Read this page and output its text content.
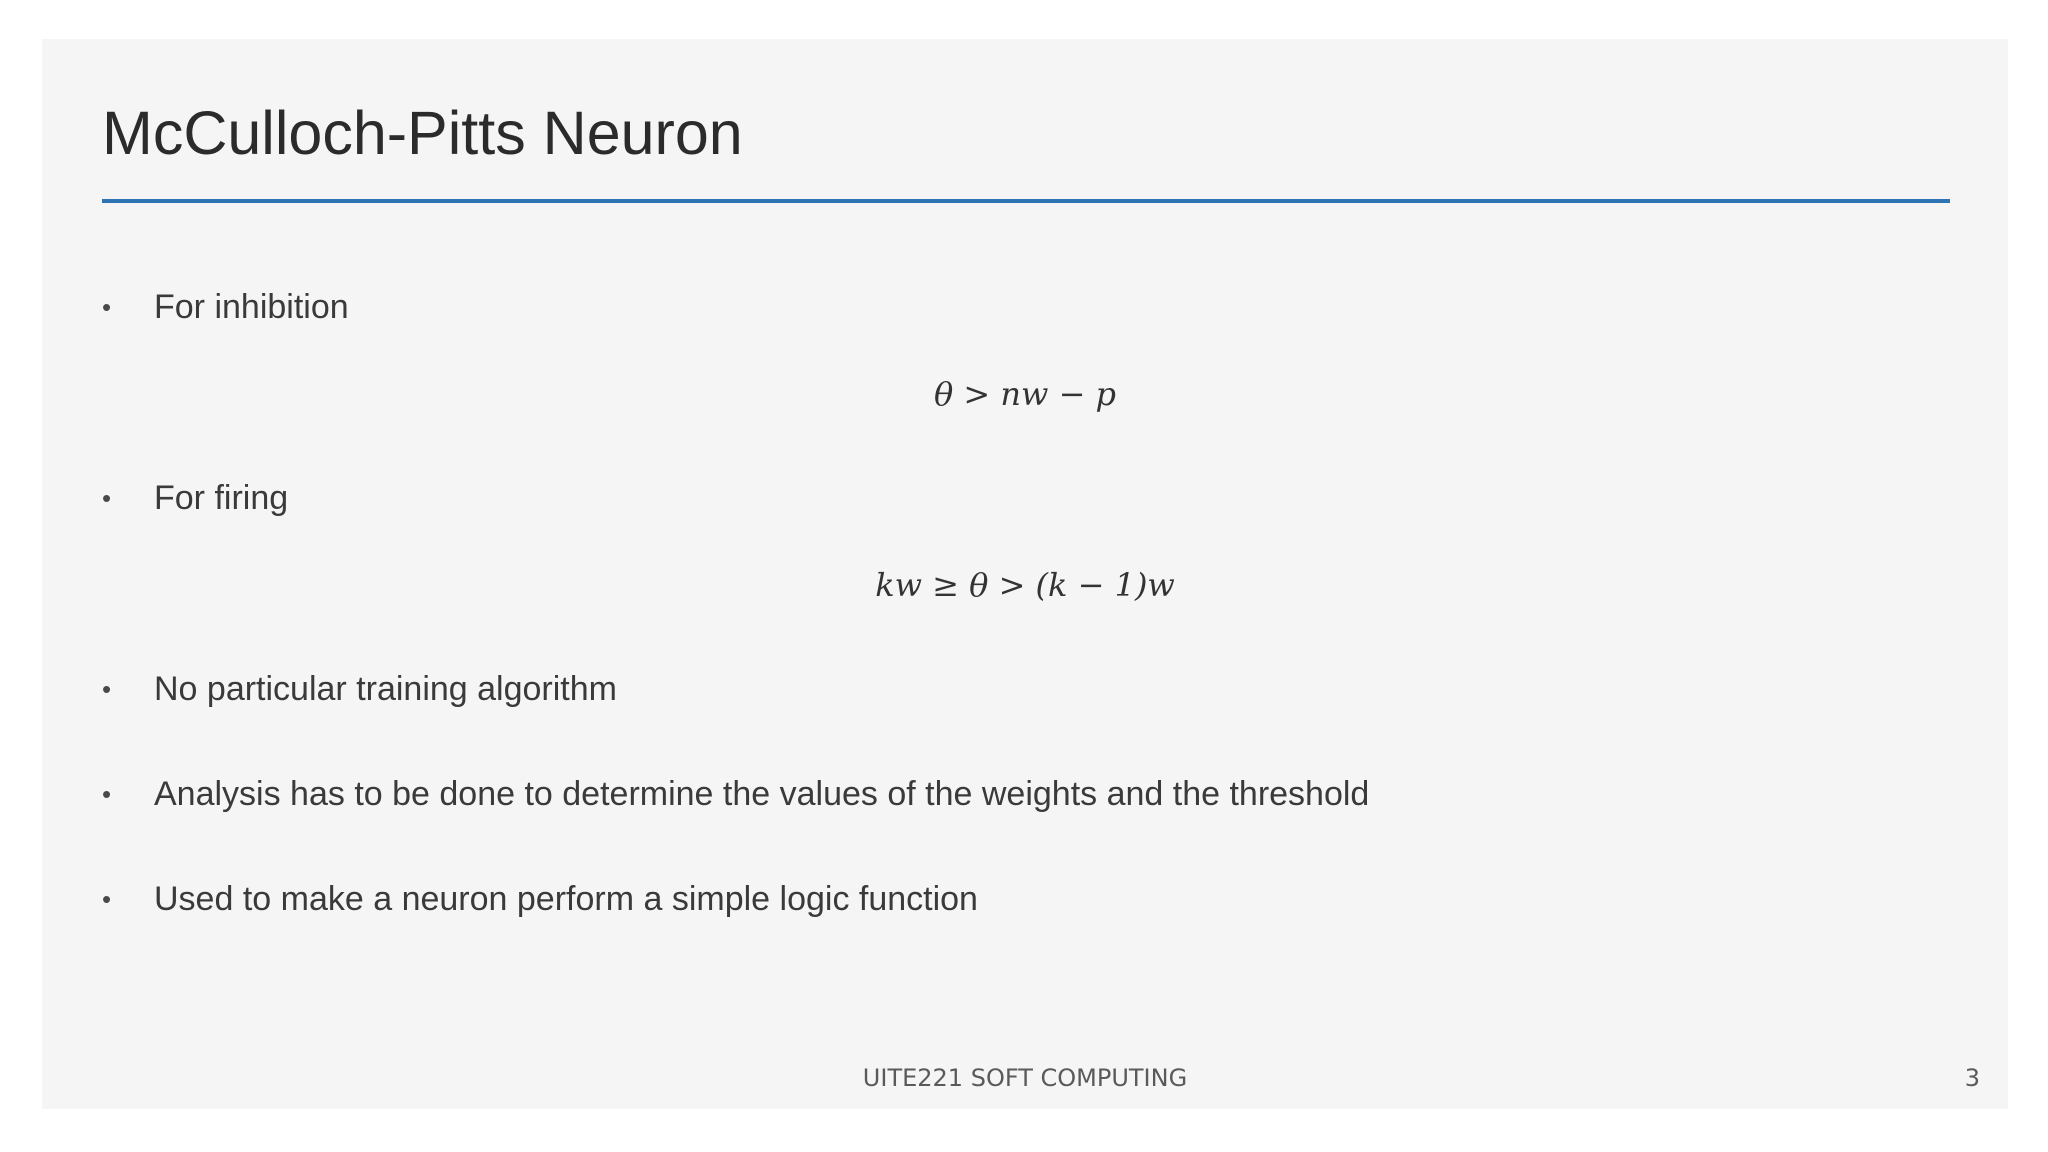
McCulloch-Pitts Neuron
• For inhibition
θ > nw − p
• For firing
kw ≥ θ > (k − 1)w
• No particular training algorithm
• Analysis has to be done to determine the values of the weights and the threshold
• Used to make a neuron perform a simple logic function
UITE221 SOFT COMPUTING	3
